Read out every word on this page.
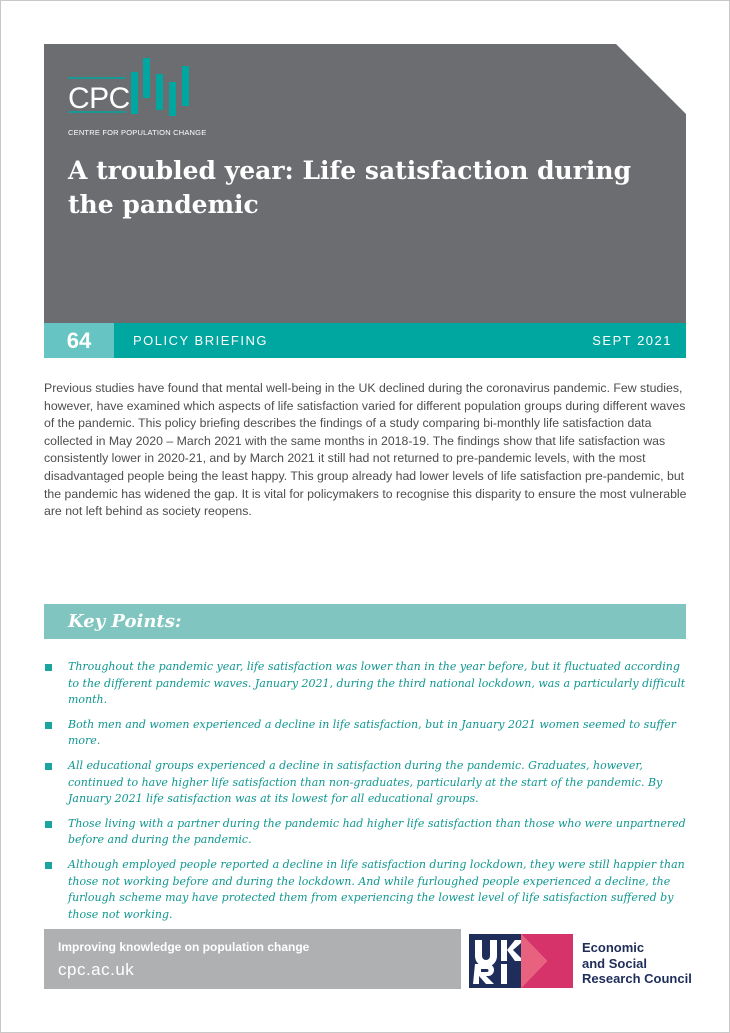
CPC
CENTRE FOR POPULATION CHANGE
A troubled year: Life satisfaction during the pandemic
64	POLICY BRIEFING	SEPT 2021

Previous studies have found that mental well-being in the UK declined during the coronavirus pandemic. Few studies, however, have examined which aspects of life satisfaction varied for different population groups during different waves of the pandemic. This policy briefing describes the findings of a study comparing bi-monthly life satisfaction data collected in May 2020 – March 2021 with the same months in 2018-19. The findings show that life satisfaction was consistently lower in 2020-21, and by March 2021 it still had not returned to pre-pandemic levels, with the most disadvantaged people being the least happy. This group already had lower levels of life satisfaction pre-pandemic, but the pandemic has widened the gap. It is vital for policymakers to recognise this disparity to ensure the most vulnerable are not left behind as society reopens.

Key Points:
Throughout the pandemic year, life satisfaction was lower than in the year before, but it fluctuated according to the different pandemic waves. January 2021, during the third national lockdown, was a particularly difficult month.
Both men and women experienced a decline in life satisfaction, but in January 2021 women seemed to suffer more.
All educational groups experienced a decline in satisfaction during the pandemic. Graduates, however, continued to have higher life satisfaction than non-graduates, particularly at the start of the pandemic. By January 2021 life satisfaction was at its lowest for all educational groups.
Those living with a partner during the pandemic had higher life satisfaction than those who were unpartnered before and during the pandemic.
Although employed people reported a decline in life satisfaction during lockdown, they were still happier than those not working before and during the lockdown. And while furloughed people experienced a decline, the furlough scheme may have protected them from experiencing the lowest level of life satisfaction suffered by those not working.
Improving knowledge on population change
cpc.ac.uk
Economic
and Social
Research Council
